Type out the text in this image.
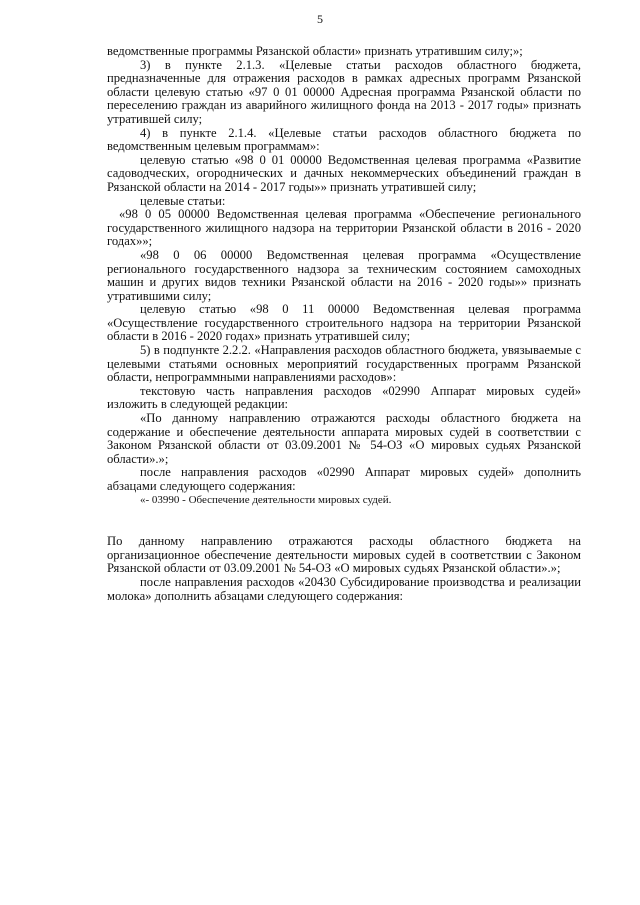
5

ведомственные программы Рязанской области» признать утратившим силу;»;

3) в пункте 2.1.3. «Целевые статьи расходов областного бюджета, предназначенные для отражения расходов в рамках адресных программ Рязанской области целевую статью «97 0 01 00000 Адресная программа Рязанской области по переселению граждан из аварийного жилищного фонда на 2013 - 2017 годы» признать утратившей силу;

4) в пункте 2.1.4. «Целевые статьи расходов областного бюджета по ведомственным целевым программам»:

целевую статью «98 0 01 00000 Ведомственная целевая программа «Развитие садоводческих, огороднических и дачных некоммерческих объединений граждан в Рязанской области на 2014 - 2017 годы»» признать утратившей силу;

целевые статьи:

«98 0 05 00000 Ведомственная целевая программа «Обеспечение регионального государственного жилищного надзора на территории Рязанской области в 2016 - 2020 годах»»;

«98 0 06 00000 Ведомственная целевая программа «Осуществление регионального государственного надзора за техническим состоянием самоходных машин и других видов техники Рязанской области на 2016 - 2020 годы»» признать утратившими силу;

целевую статью «98 0 11 00000 Ведомственная целевая программа «Осуществление государственного строительного надзора на территории Рязанской области в 2016 - 2020 годах» признать утратившей силу;

5) в подпункте 2.2.2. «Направления расходов областного бюджета, увязываемые с целевыми статьями основных мероприятий государственных программ Рязанской области, непрограммными направлениями расходов»:

текстовую часть направления расходов «02990 Аппарат мировых судей» изложить в следующей редакции:

«По данному направлению отражаются расходы областного бюджета на содержание и обеспечение деятельности аппарата мировых судей в соответствии с Законом Рязанской области от 03.09.2001 № 54-ОЗ «О мировых судьях Рязанской области».»;

после направления расходов «02990 Аппарат мировых судей» дополнить абзацами следующего содержания:

«- 03990 - Обеспечение деятельности мировых судей.

По данному направлению отражаются расходы областного бюджета на организационное обеспечение деятельности мировых судей в соответствии с Законом Рязанской области от 03.09.2001 № 54-ОЗ «О мировых судьях Рязанской области».»;

после направления расходов «20430 Субсидирование производства и реализации молока» дополнить абзацами следующего содержания:
